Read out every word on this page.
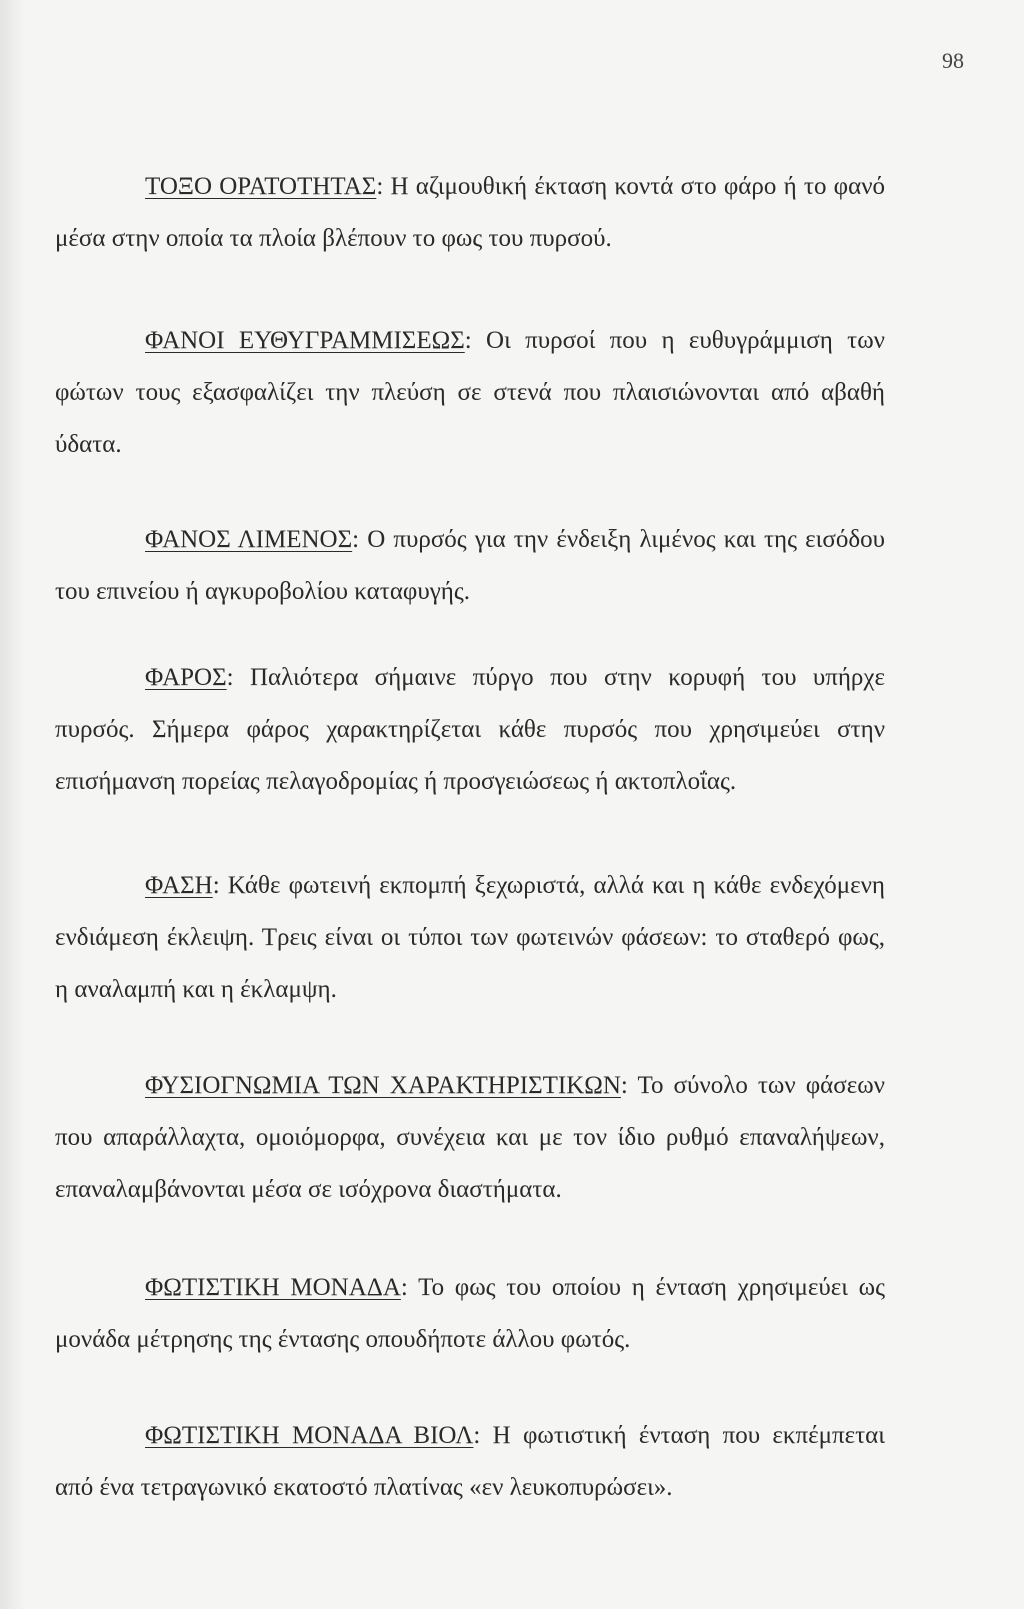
98
ΤΟΞΟ ΟΡΑΤΟΤΗΤΑΣ: Η αζιμουθική έκταση κοντά στο φάρο ή το φανό μέσα στην οποία τα πλοία βλέπουν το φως του πυρσού.
ΦΑΝΟΙ ΕΥΘΥΓΡΑΜΜΙΣΕΩΣ: Οι πυρσοί που η ευθυγράμμιση των φώτων τους εξασφαλίζει την πλεύση σε στενά που πλαισιώνονται από αβαθή ύδατα.
ΦΑΝΟΣ ΛΙΜΕΝΟΣ: Ο πυρσός για την ένδειξη λιμένος και της εισόδου του επινείου ή αγκυροβολίου καταφυγής.
ΦΑΡΟΣ: Παλιότερα σήμαινε πύργο που στην κορυφή του υπήρχε πυρσός. Σήμερα φάρος χαρακτηρίζεται κάθε πυρσός που χρησιμεύει στην επισήμανση πορείας πελαγοδρομίας ή προσγειώσεως ή ακτοπλοΐας.
ΦΑΣΗ: Κάθε φωτεινή εκπομπή ξεχωριστά, αλλά και η κάθε ενδεχόμενη ενδιάμεση έκλειψη. Τρεις είναι οι τύποι των φωτεινών φάσεων: το σταθερό φως, η αναλαμπή και η έκλαμψη.
ΦΥΣΙΟΓΝΩΜΙΑ ΤΩΝ ΧΑΡΑΚΤΗΡΙΣΤΙΚΩΝ: Το σύνολο των φάσεων που απαράλλαχτα, ομοιόμορφα, συνέχεια και με τον ίδιο ρυθμό επαναλήψεων, επαναλαμβάνονται μέσα σε ισόχρονα διαστήματα.
ΦΩΤΙΣΤΙΚΗ ΜΟΝΑΔΑ: Το φως του οποίου η ένταση χρησιμεύει ως μονάδα μέτρησης της έντασης οπουδήποτε άλλου φωτός.
ΦΩΤΙΣΤΙΚΗ ΜΟΝΑΔΑ ΒΙΟΛ: Η φωτιστική ένταση που εκπέμπεται από ένα τετραγωνικό εκατοστό πλατίνας «εν λευκοπυρώσει».
